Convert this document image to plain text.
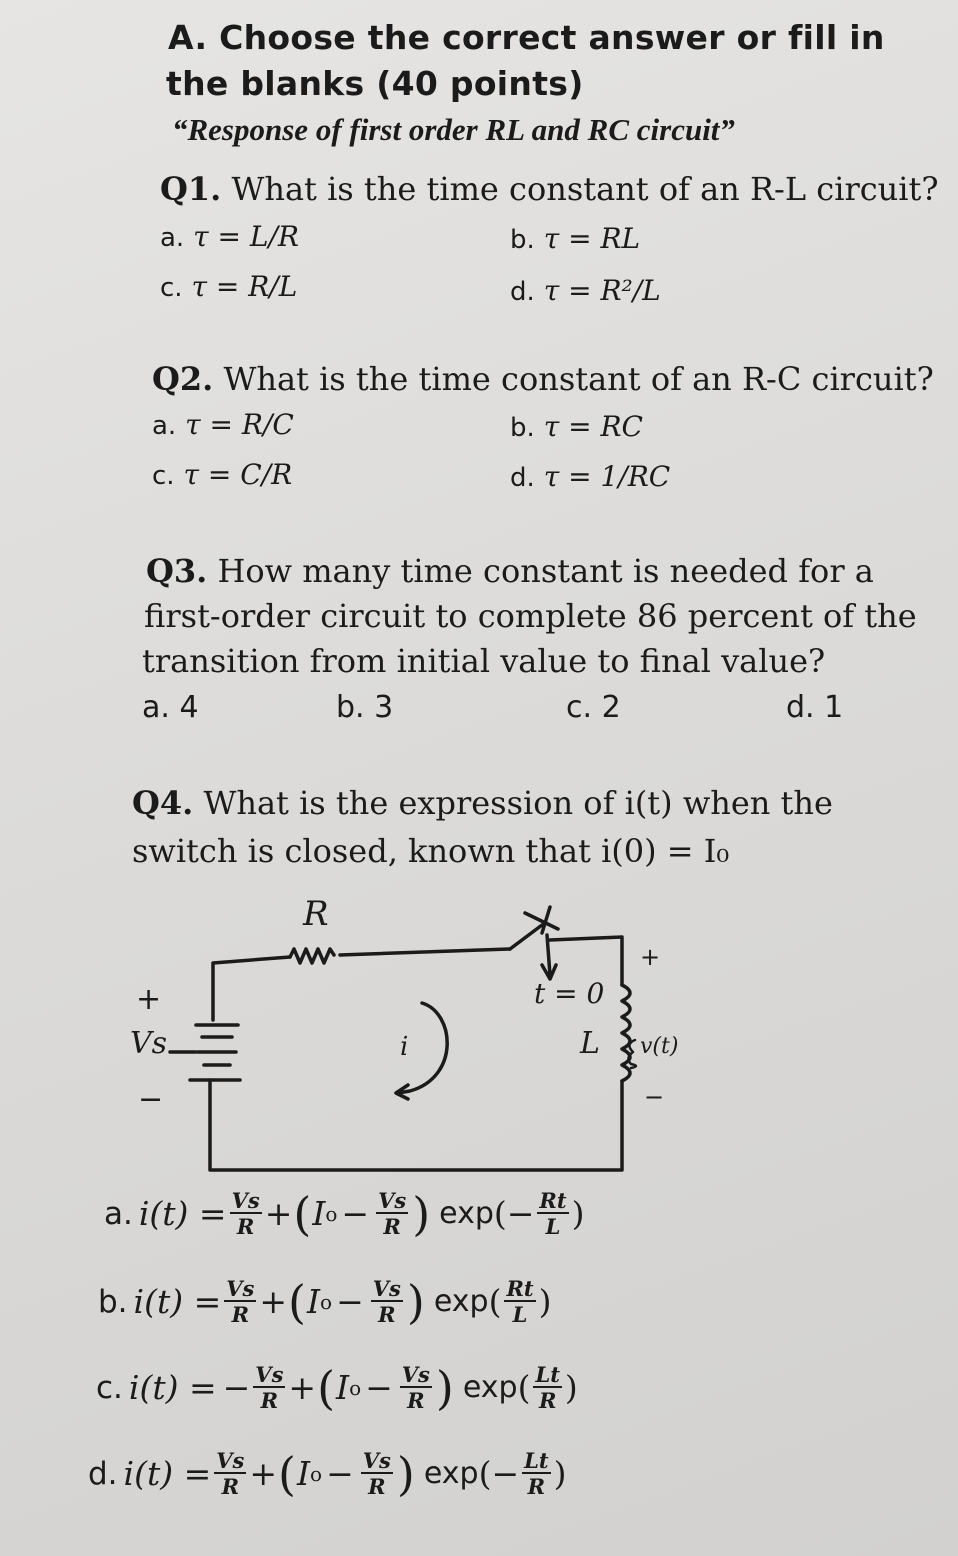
A. Choose the correct answer or fill in
the blanks (40 points)
“Response of first order RL and RC circuit”
Q1. What is the time constant of an R-L circuit?
a. τ = L/R	b. τ = RL
c. τ = R/L	d. τ = R²/L
Q2. What is the time constant of an R-C circuit?
a. τ = R/C	b. τ = RC
c. τ = C/R	d. τ = 1/RC
Q3. How many time constant is needed for a
first-order circuit to complete 86 percent of the
transition from initial value to final value?
a. 4	b. 3	c. 2	d. 1
Q4. What is the expression of i(t) when the
switch is closed, known that i(0) = I₀
R
t = 0
L
Vs	i	v(t)
+
−
+
−
a. $i(t) = \frac{Vs}{R}$ + ( I $o - \frac{Vs}{R}$ ) exp ( − $\frac{Rt}{L}$ )
b. $i(t) = \frac{Vs}{R}$ + ( I $o - \frac{Vs}{R}$ ) exp ( $\frac{Rt}{L}$ )
c. i(t) = − $\frac{Vs}{R}$ + ( I $o - \frac{Vs}{R}$ ) exp ( $\frac{Lt}{R}$ )
d. $i(t) = \frac{Vs}{R}$ + ( I $o - \frac{Vs}{R}$ ) exp ( − $\frac{Lt}{R}$ )
